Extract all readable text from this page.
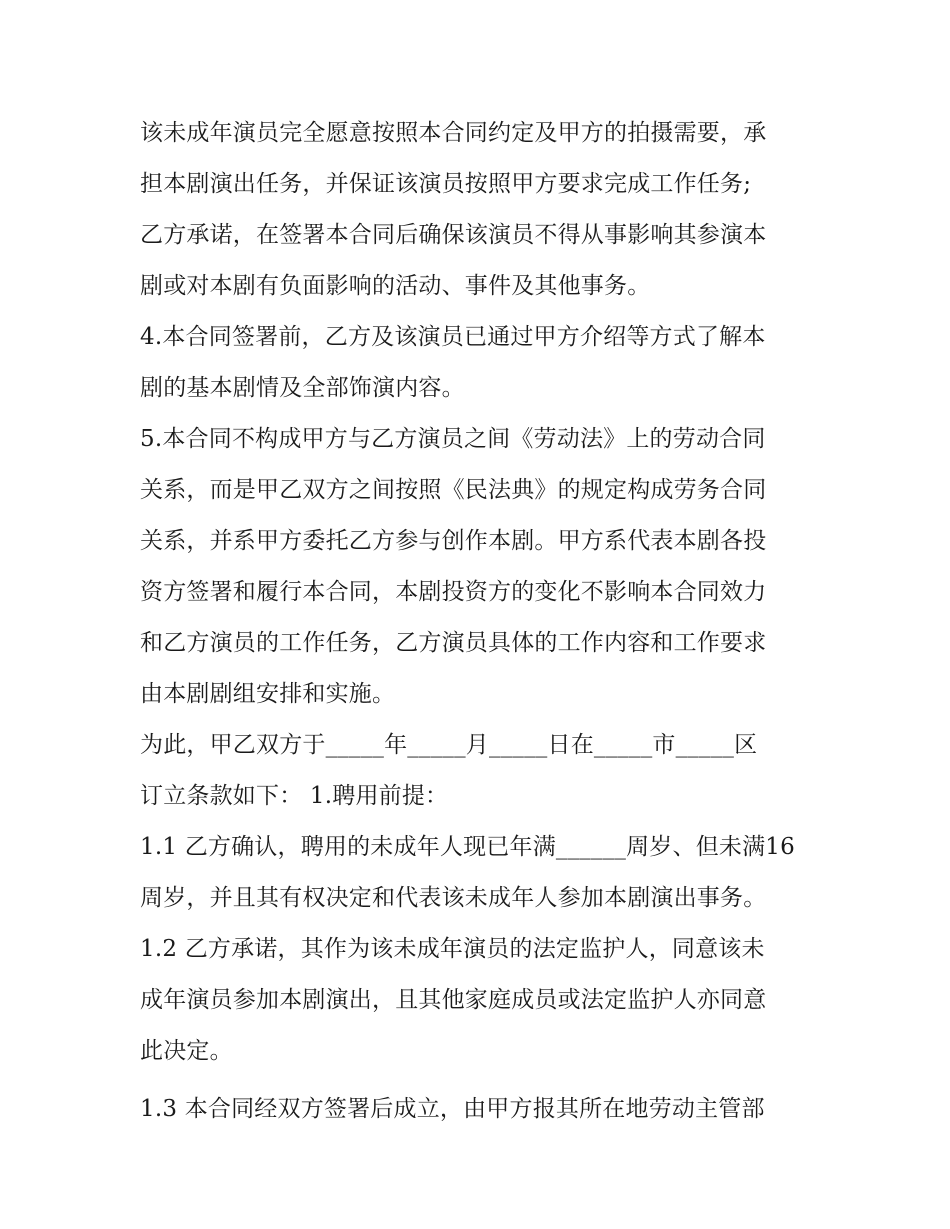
该未成年演员完全愿意按照本合同约定及甲方的拍摄需要，承
担本剧演出任务，并保证该演员按照甲方要求完成工作任务;
乙方承诺，在签署本合同后确保该演员不得从事影响其参演本
剧或对本剧有负面影响的活动、事件及其他事务。
4.本合同签署前，乙方及该演员已通过甲方介绍等方式了解本
剧的基本剧情及全部饰演内容。
5.本合同不构成甲方与乙方演员之间《劳动法》上的劳动合同
关系，而是甲乙双方之间按照《民法典》的规定构成劳务合同
关系，并系甲方委托乙方参与创作本剧。甲方系代表本剧各投
资方签署和履行本合同，本剧投资方的变化不影响本合同效力
和乙方演员的工作任务，乙方演员具体的工作内容和工作要求
由本剧剧组安排和实施。
为此，甲乙双方于_____年_____月_____日在_____市_____区
订立条款如下： 1.聘用前提：
1.1 乙方确认，聘用的未成年人现已年满______周岁、但未满16
周岁，并且其有权决定和代表该未成年人参加本剧演出事务。
1.2 乙方承诺，其作为该未成年演员的法定监护人，同意该未
成年演员参加本剧演出，且其他家庭成员或法定监护人亦同意
此决定。
1.3 本合同经双方签署后成立，由甲方报其所在地劳动主管部
